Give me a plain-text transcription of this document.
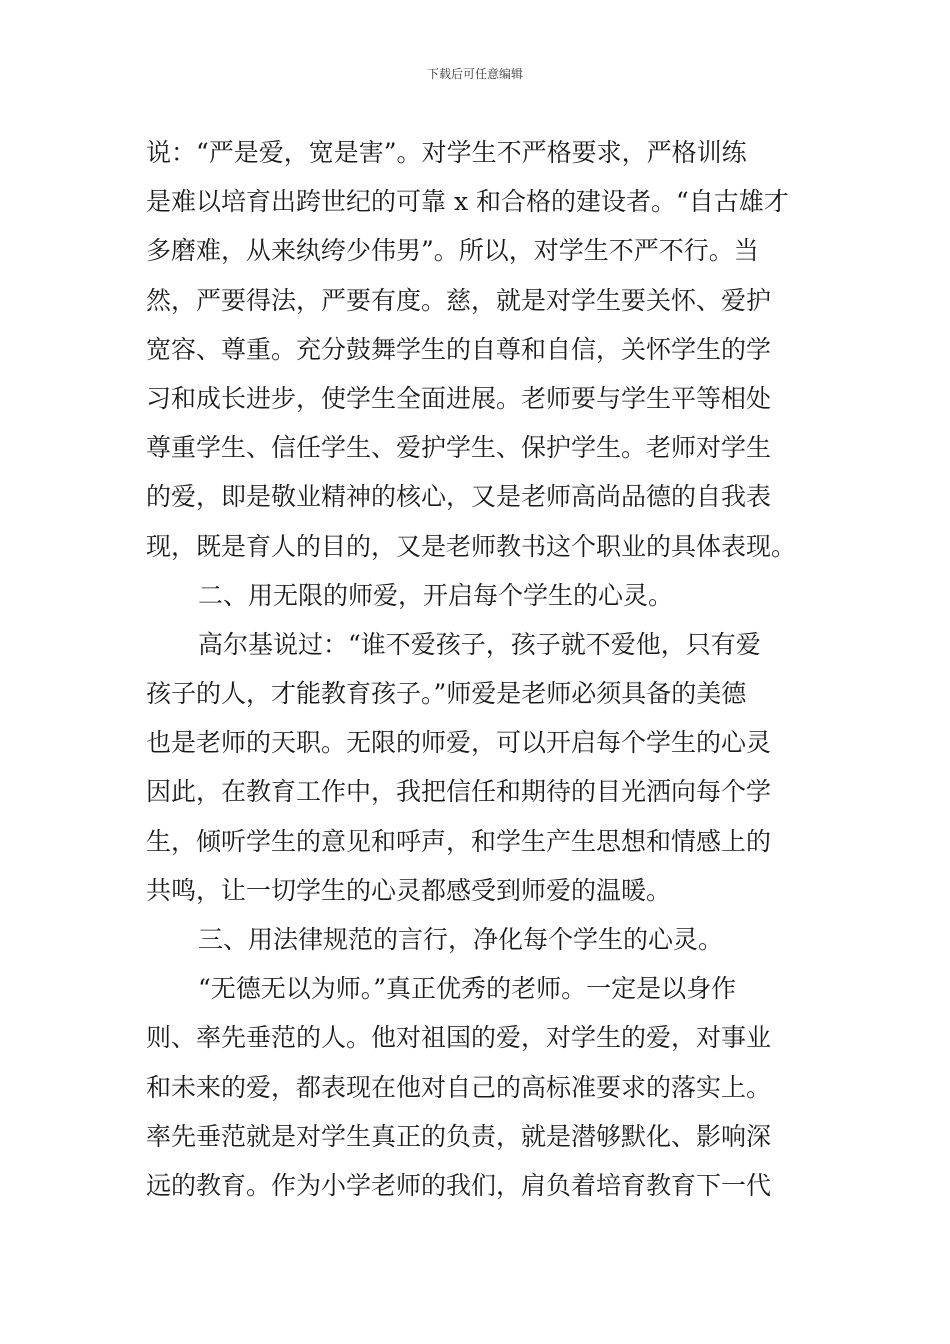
下载后可任意编辑
说：“严是爱，宽是害”。对学生不严格要求，严格训练
是难以培育出跨世纪的可靠 x 和合格的建设者。“自古雄才
多磨难，从来纨绔少伟男”。所以，对学生不严不行。当
然，严要得法，严要有度。慈，就是对学生要关怀、爱护
宽容、尊重。充分鼓舞学生的自尊和自信，关怀学生的学
习和成长进步，使学生全面进展。老师要与学生平等相处
尊重学生、信任学生、爱护学生、保护学生。老师对学生
的爱，即是敬业精神的核心，又是老师高尚品德的自我表
现，既是育人的目的，又是老师教书这个职业的具体表现。
二、用无限的师爱，开启每个学生的心灵。
高尔基说过：“谁不爱孩子，孩子就不爱他，只有爱
孩子的人，才能教育孩子。”师爱是老师必须具备的美德
也是老师的天职。无限的师爱，可以开启每个学生的心灵
因此，在教育工作中，我把信任和期待的目光洒向每个学
生，倾听学生的意见和呼声，和学生产生思想和情感上的
共鸣，让一切学生的心灵都感受到师爱的温暖。
三、用法律规范的言行，净化每个学生的心灵。
“无德无以为师。”真正优秀的老师。一定是以身作
则、率先垂范的人。他对祖国的爱，对学生的爱，对事业
和未来的爱，都表现在他对自己的高标准要求的落实上。
率先垂范就是对学生真正的负责，就是潜够默化、影响深
远的教育。作为小学老师的我们，肩负着培育教育下一代
